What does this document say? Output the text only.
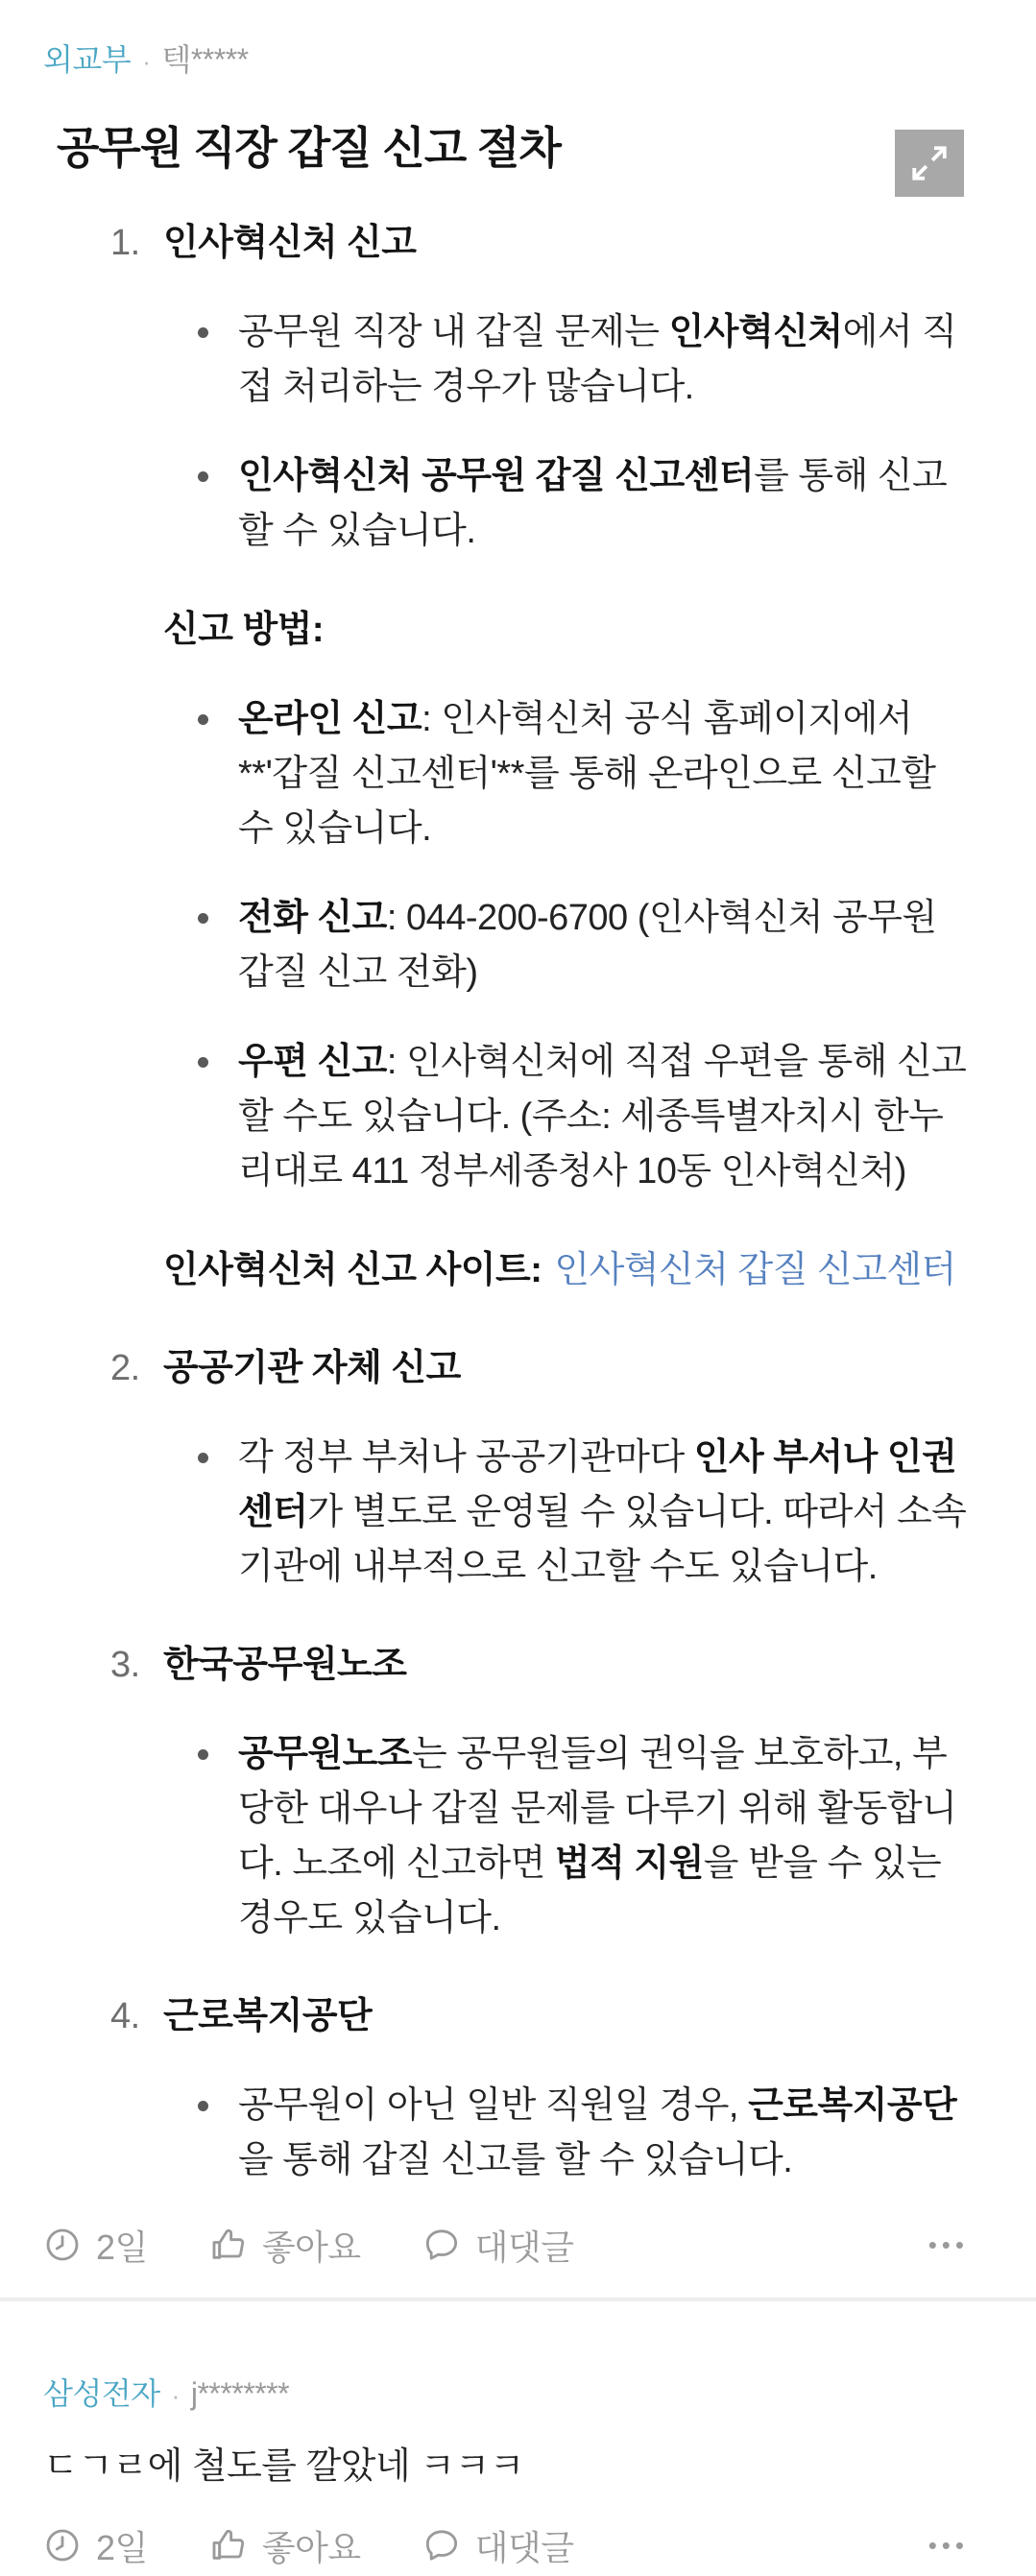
외교부 · 텍*****
공무원 직장 갑질 신고 절차
1. 인사혁신처 신고

공무원 직장 내 갑질 문제는 인사혁신처에서 직접 처리하는 경우가 많습니다.

인사혁신처 공무원 갑질 신고센터를 통해 신고할 수 있습니다.

신고 방법:

온라인 신고: 인사혁신처 공식 홈페이지에서 **'갑질 신고센터'**를 통해 온라인으로 신고할 수 있습니다.

전화 신고: 044-200-6700 (인사혁신처 공무원 갑질 신고 전화)

우편 신고: 인사혁신처에 직접 우편을 통해 신고할 수도 있습니다. (주소: 세종특별자치시 한누리대로 411 정부세종청사 10동 인사혁신처)

인사혁신처 신고 사이트: 인사혁신처 갑질 신고센터
2. 공공기관 자체 신고

각 정부 부처나 공공기관마다 인사 부서나 인권센터가 별도로 운영될 수 있습니다. 따라서 소속 기관에 내부적으로 신고할 수도 있습니다.

3. 한국공무원노조

공무원노조는 공무원들의 권익을 보호하고, 부당한 대우나 갑질 문제를 다루기 위해 활동합니다. 노조에 신고하면 법적 지원을 받을 수 있는 경우도 있습니다.

4. 근로복지공단

공무원이 아닌 일반 직원일 경우, 근로복지공단을 통해 갑질 신고를 할 수 있습니다.

2일	좋아요	대댓글	•••
삼성전자 · j********

ㄷㄱㄹ에 철도를 깔았네 ㅋㅋㅋ

2일	좋아요	대댓글	•••
